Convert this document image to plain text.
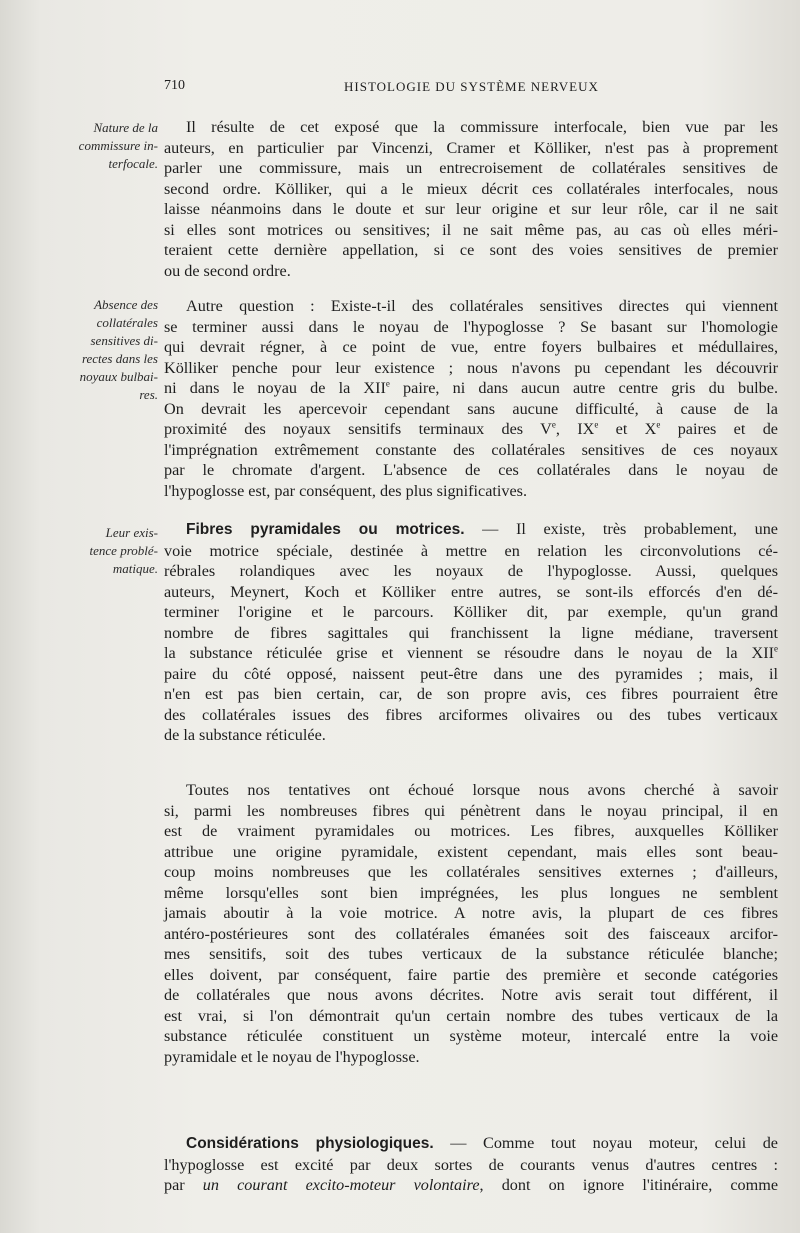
710	HISTOLOGIE DU SYSTÈME NERVEUX
Nature de la
commissure in-
terfocale.
Absence des
collatérales
sensitives di-
rectes dans les
noyaux bulbai-
res.
Leur exis-
tence problé-
matique.
Il résulte de cet exposé que la commissure interfocale, bien vue par les
auteurs, en particulier par Vincenzi, Cramer et Kölliker, n'est pas à proprement
parler une commissure, mais un entrecroisement de collatérales sensitives de
second ordre. Kölliker, qui a le mieux décrit ces collatérales interfocales, nous
laisse néanmoins dans le doute et sur leur origine et sur leur rôle, car il ne sait
si elles sont motrices ou sensitives; il ne sait même pas, au cas où elles méri-
teraient cette dernière appellation, si ce sont des voies sensitives de premier
ou de second ordre.
Autre question : Existe-t-il des collatérales sensitives directes qui viennent
se terminer aussi dans le noyau de l'hypoglosse ? Se basant sur l'homologie
qui devrait régner, à ce point de vue, entre foyers bulbaires et médullaires,
Kölliker penche pour leur existence ; nous n'avons pu cependant les découvrir
ni dans le noyau de la XIIe paire, ni dans aucun autre centre gris du bulbe.
On devrait les apercevoir cependant sans aucune difficulté, à cause de la
proximité des noyaux sensitifs terminaux des Ve, IXe et Xe paires et de
l'imprégnation extrêmement constante des collatérales sensitives de ces noyaux
par le chromate d'argent. L'absence de ces collatérales dans le noyau de
l'hypoglosse est, par conséquent, des plus significatives.
Fibres pyramidales ou motrices. — Il existe, très probablement, une
voie motrice spéciale, destinée à mettre en relation les circonvolutions cé-
rébrales rolandiques avec les noyaux de l'hypoglosse. Aussi, quelques
auteurs, Meynert, Koch et Kölliker entre autres, se sont-ils efforcés d'en dé-
terminer l'origine et le parcours. Kölliker dit, par exemple, qu'un grand
nombre de fibres sagittales qui franchissent la ligne médiane, traversent
la substance réticulée grise et viennent se résoudre dans le noyau de la XIIe
paire du côté opposé, naissent peut-être dans une des pyramides ; mais, il
n'en est pas bien certain, car, de son propre avis, ces fibres pourraient être
des collatérales issues des fibres arciformes olivaires ou des tubes verticaux
de la substance réticulée.
Toutes nos tentatives ont échoué lorsque nous avons cherché à savoir
si, parmi les nombreuses fibres qui pénètrent dans le noyau principal, il en
est de vraiment pyramidales ou motrices. Les fibres, auxquelles Kölliker
attribue une origine pyramidale, existent cependant, mais elles sont beau-
coup moins nombreuses que les collatérales sensitives externes ; d'ailleurs,
même lorsqu'elles sont bien imprégnées, les plus longues ne semblent
jamais aboutir à la voie motrice. A notre avis, la plupart de ces fibres
antéro-postérieures sont des collatérales émanées soit des faisceaux arcifor-
mes sensitifs, soit des tubes verticaux de la substance réticulée blanche;
elles doivent, par conséquent, faire partie des première et seconde catégories
de collatérales que nous avons décrites. Notre avis serait tout différent, il
est vrai, si l'on démontrait qu'un certain nombre des tubes verticaux de la
substance réticulée constituent un système moteur, intercalé entre la voie
pyramidale et le noyau de l'hypoglosse.
Considérations physiologiques. — Comme tout noyau moteur, celui de
l'hypoglosse est excité par deux sortes de courants venus d'autres centres :
par un courant excito-moteur volontaire, dont on ignore l'itinéraire, comme
